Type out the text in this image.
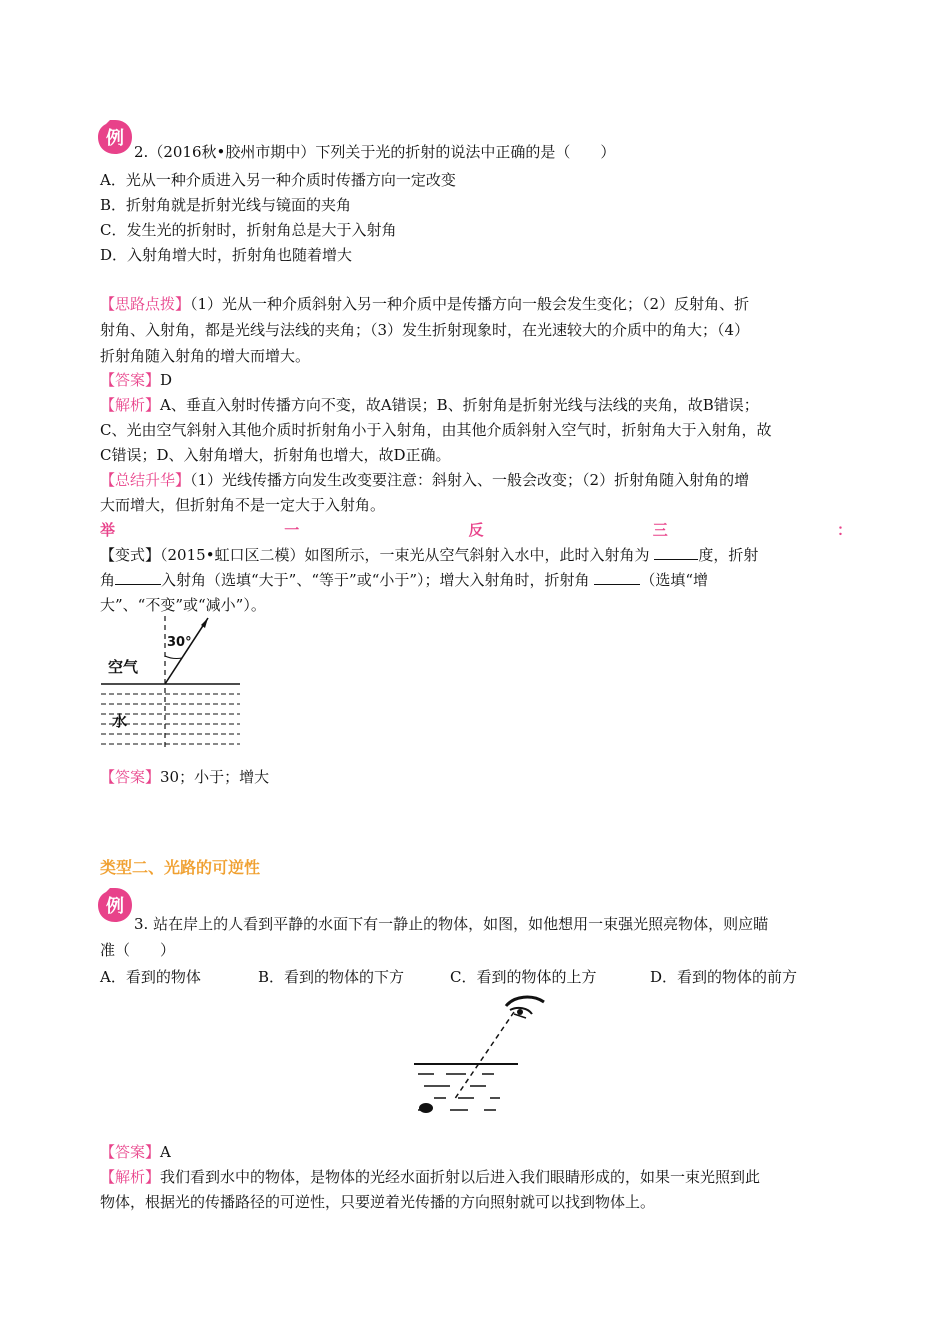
例
2.（2016秋•胶州市期中）下列关于光的折射的说法中正确的是（　　）
A．光从一种介质进入另一种介质时传播方向一定改变
B．折射角就是折射光线与镜面的夹角
C．发生光的折射时，折射角总是大于入射角
D．入射角增大时，折射角也随着增大
【思路点拨】（1）光从一种介质斜射入另一种介质中是传播方向一般会发生变化；（2）反射角、折
射角、入射角，都是光线与法线的夹角；（3）发生折射现象时，在光速较大的介质中的角大；（4）
折射角随入射角的增大而增大。
【答案】D
【解析】A、垂直入射时传播方向不变，故A错误；B、折射角是折射光线与法线的夹角，故B错误；
C、光由空气斜射入其他介质时折射角小于入射角，由其他介质斜射入空气时，折射角大于入射角，故
C错误；D、入射角增大，折射角也增大，故D正确。
【总结升华】（1）光线传播方向发生改变要注意：斜射入、一般会改变；（2）折射角随入射角的增
大而增大，但折射角不是一定大于入射角。
举	一	反	三	：
【变式】（2015•虹口区二模）如图所示，一束光从空气斜射入水中，此时入射角为	度，折射
角	入射角（选填“大于”、“等于”或“小于”）；增大入射角时，折射角	（选填“增
大”、“不变”或“减小”）。
30°
空气
水
【答案】30；小于；增大
类型二、光路的可逆性
例
3. 站在岸上的人看到平静的水面下有一静止的物体，如图，如他想用一束强光照亮物体，则应瞄
准（　　）
A．看到的物体	B．看到的物体的下方	C．看到的物体的上方	D．看到的物体的前方
【答案】A
【解析】我们看到水中的物体，是物体的光经水面折射以后进入我们眼睛形成的，如果一束光照到此
物体，根据光的传播路径的可逆性，只要逆着光传播的方向照射就可以找到物体上。
